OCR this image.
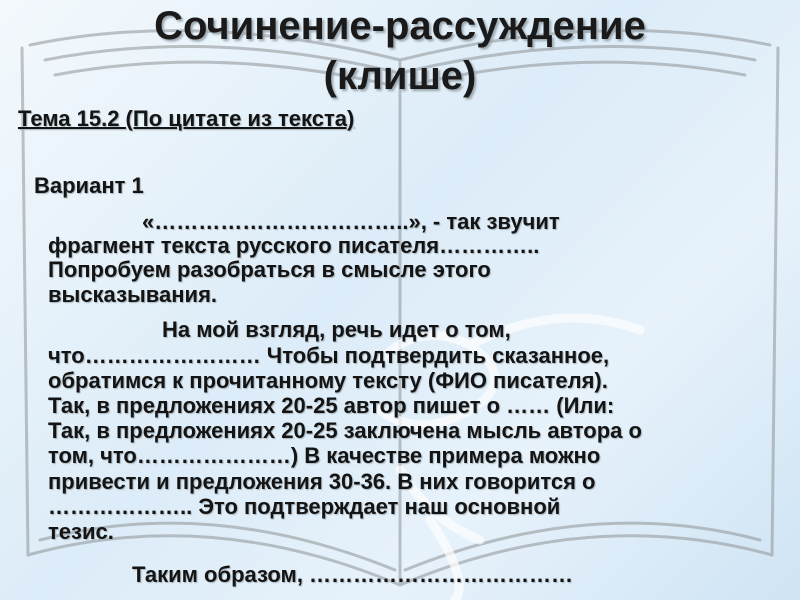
Сочинение-рассуждение
(клише)
Тема 15.2 (По цитате из текста)
Вариант 1
«……………………………..», - так звучит
фрагмент текста русского писателя…………..
Попробуем разобраться в смысле этого
высказывания.
На мой взгляд, речь идет о том,
что…………………… Чтобы подтвердить сказанное,
обратимся к прочитанному тексту (ФИО писателя).
Так, в предложениях 20-25 автор пишет о …… (Или:
Так, в предложениях 20-25 заключена мысль автора о
том, что…………………) В качестве примера можно
привести и предложения 30-36. В них говорится о
……………….. Это подтверждает наш основной
тезис.
Таким образом, ………………………………
